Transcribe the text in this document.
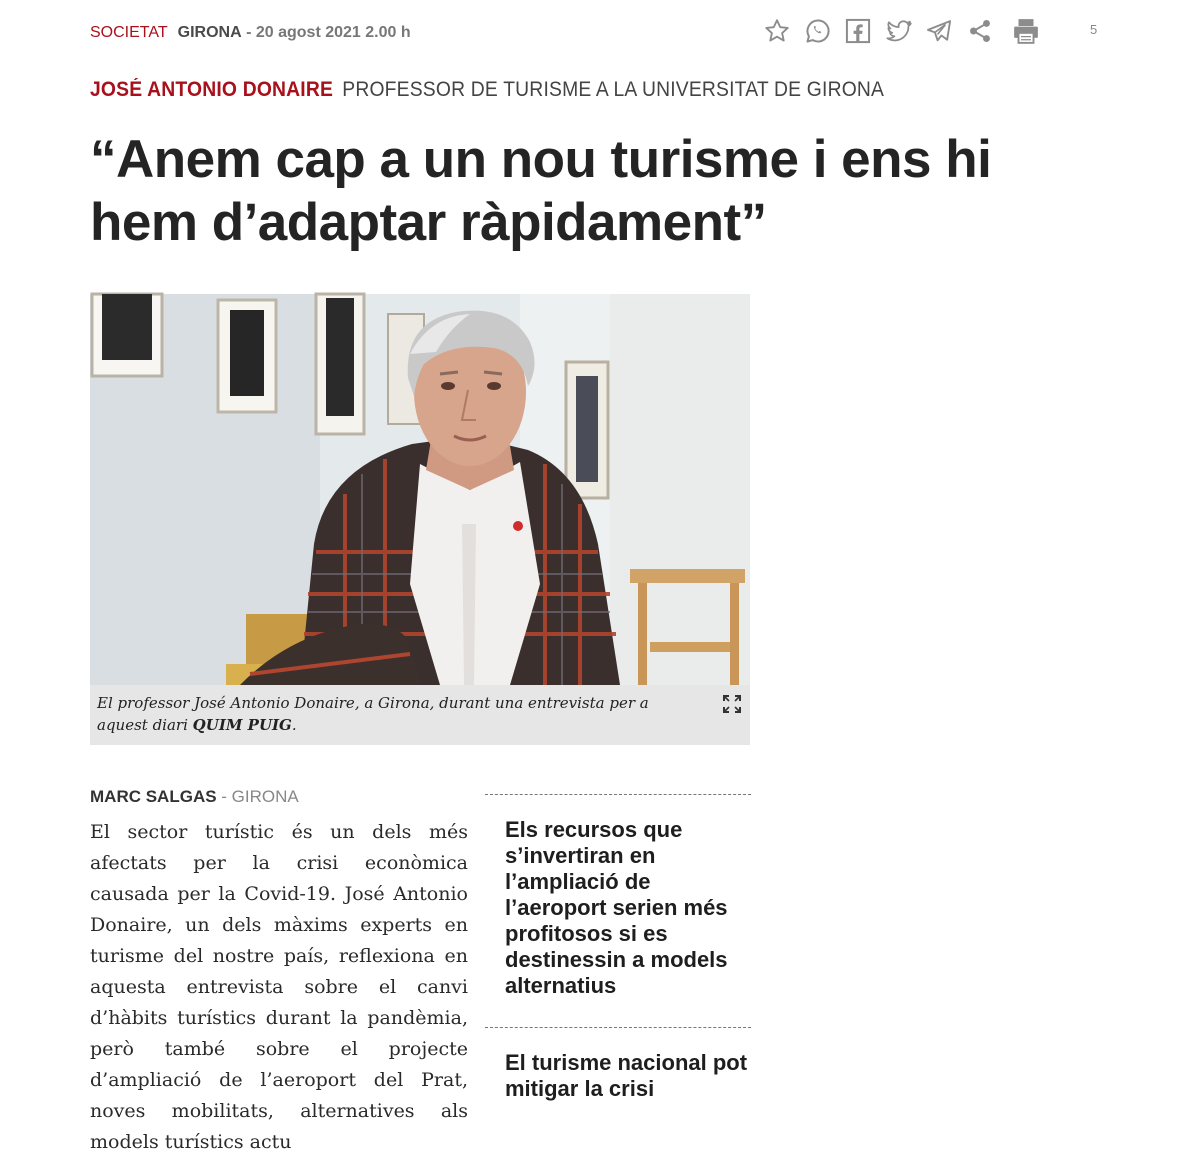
SOCIETAT GIRONA - 20 agost 2021 2.00 h	5
JOSÉ ANTONIO DONAIRE PROFESSOR DE TURISME A LA UNIVERSITAT DE GIRONA
“Anem cap a un nou turisme i ens hi hem d’adaptar ràpidament”
El professor José Antonio Donaire, a Girona, durant una entrevista per a aquest diari QUIM PUIG.
MARC SALGAS - GIRONA

El sector turístic és un dels més afectats per la crisi econòmica causada per la Covid-19. José Antonio Donaire, un dels màxims experts en turisme del nostre país, reflexiona en aquesta entrevista sobre el canvi d’hàbits turístics durant la pandèmia, però també sobre el projecte d’ampliació de l’aeroport del Prat, noves mobilitats, alternatives als models turístics actu

Els recursos que s’invertiran en l’ampliació de l’aeroport serien més profitosos si es destinessin a models alternatius
El turisme nacional pot mitigar la crisi
